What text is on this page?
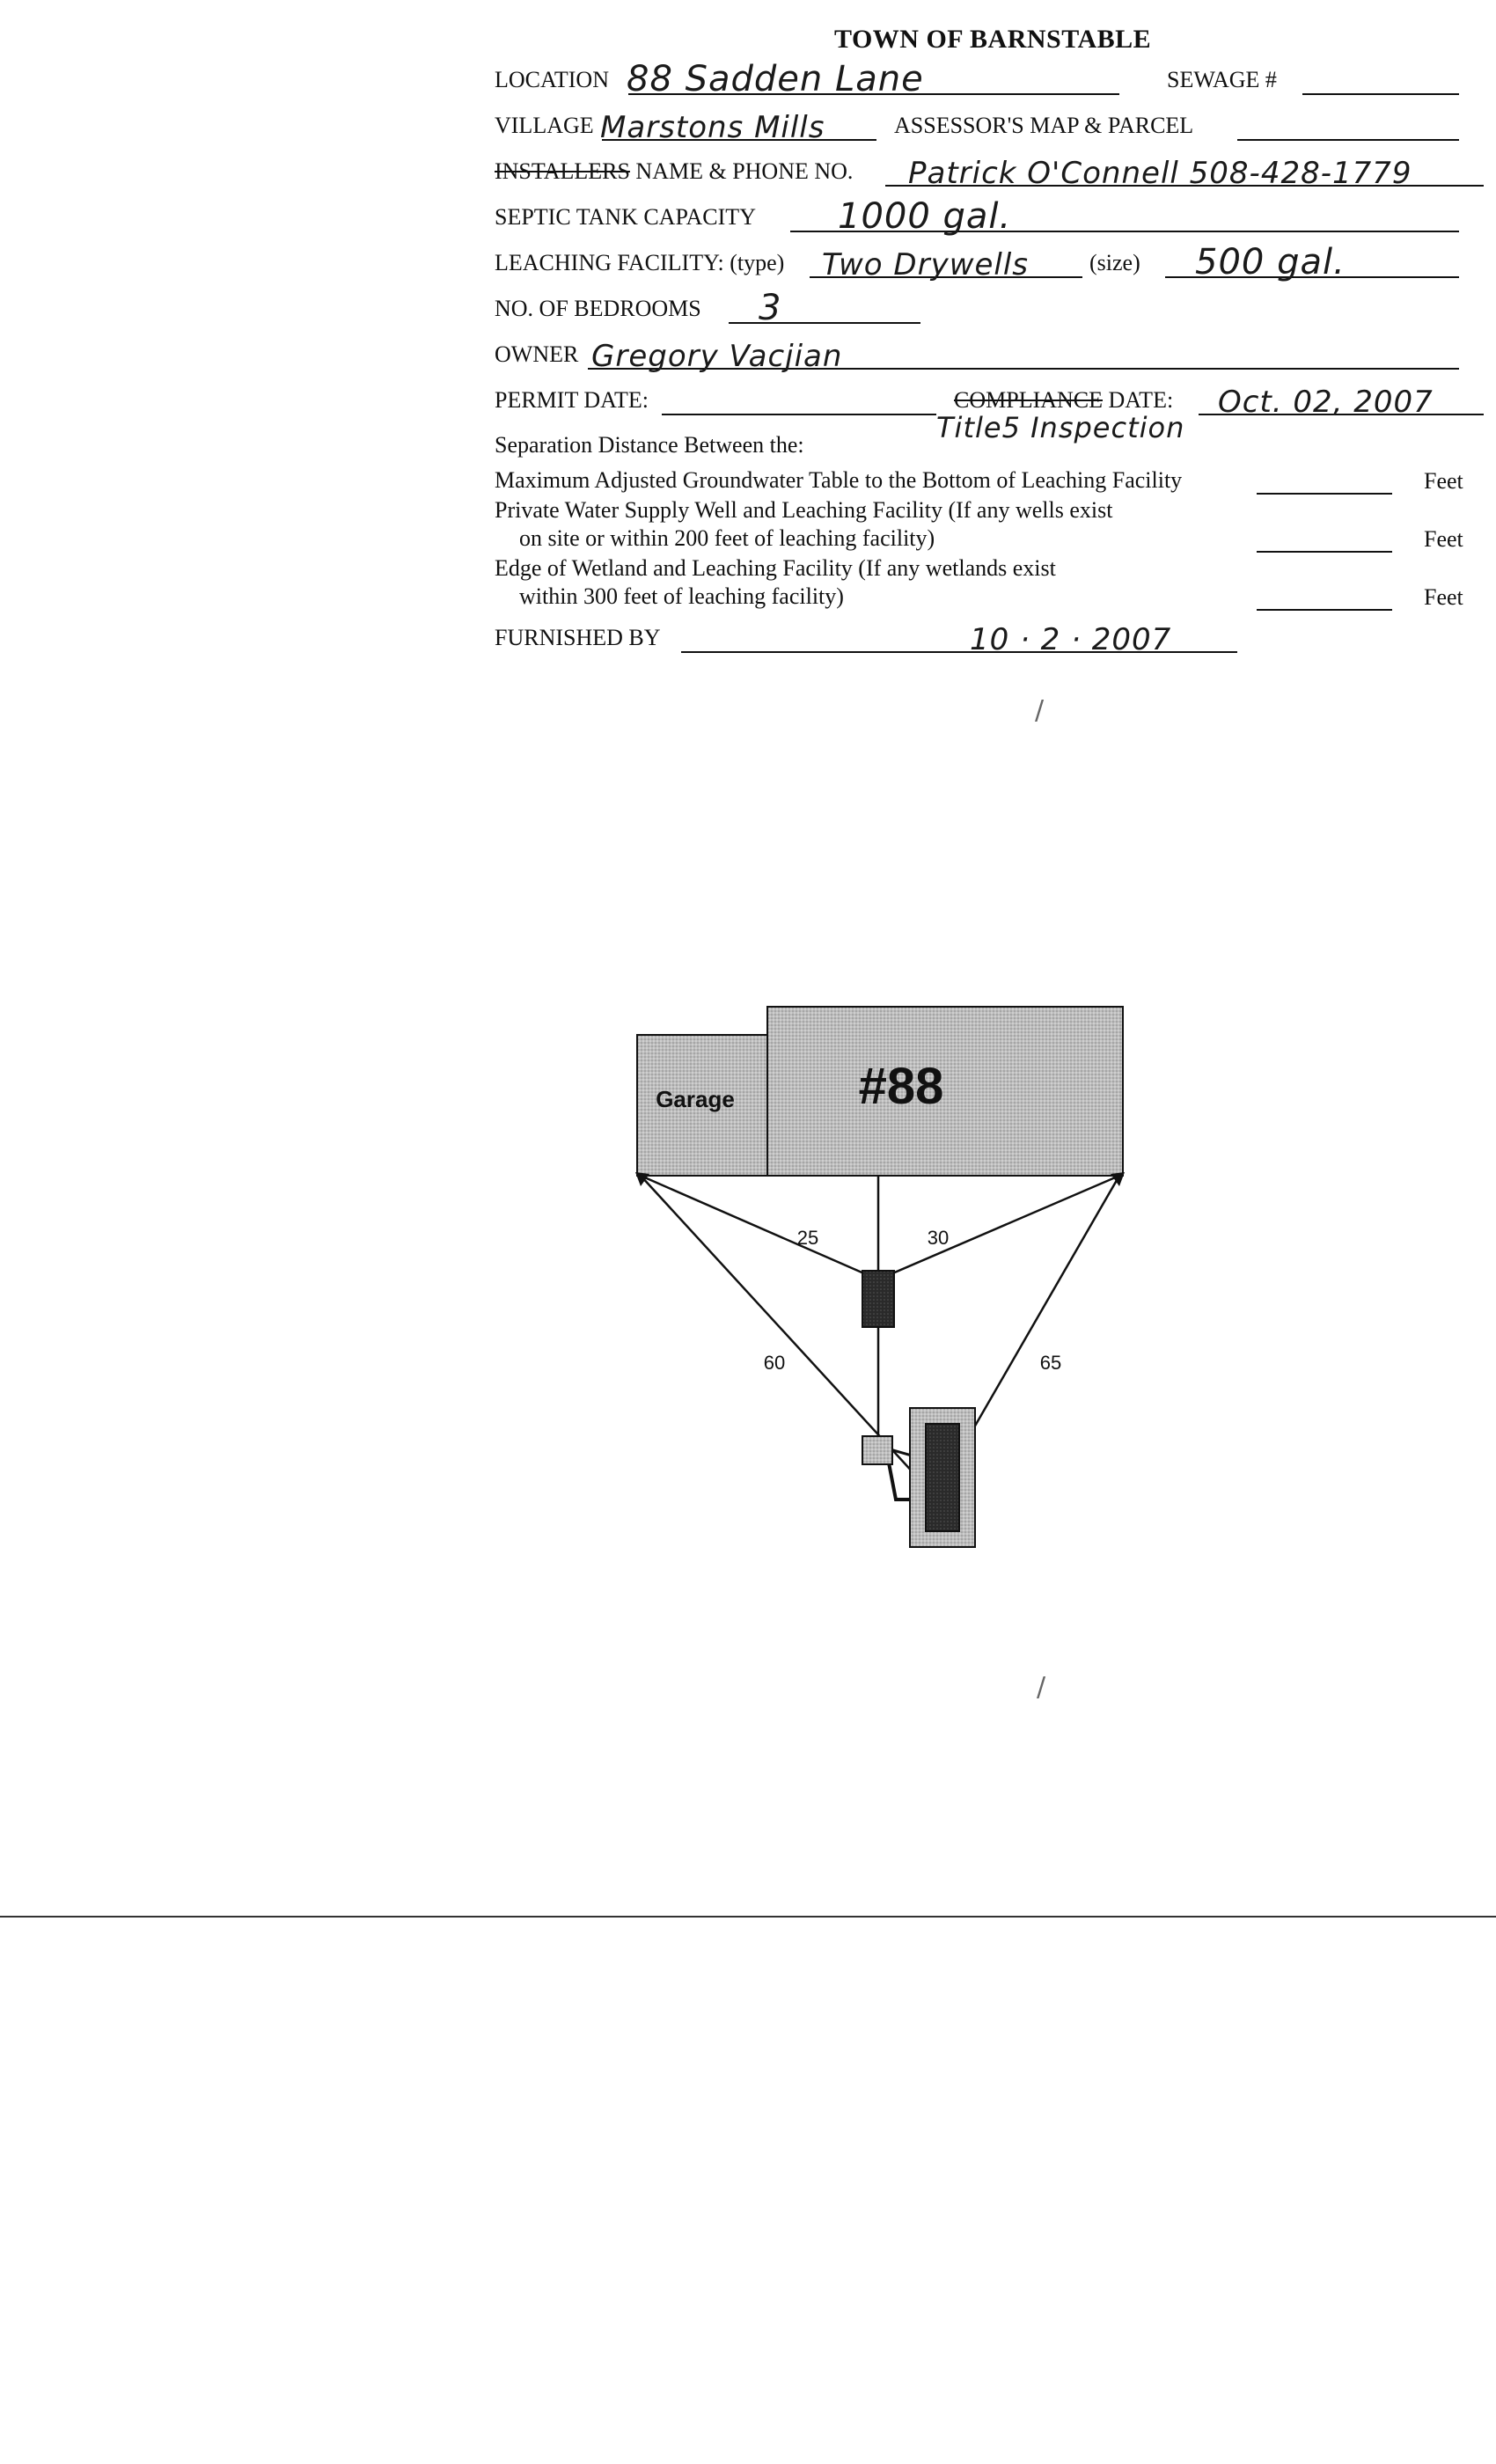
TOWN OF BARNSTABLE
LOCATION 88 Sadden Lane	SEWAGE #
VILLAGE Marstons Mills	ASSESSOR'S MAP & PARCEL
INSTALLERS NAME & PHONE NO. Patrick O'Connell 508-428-1779
SEPTIC TANK CAPACITY 1000 gal.
LEACHING FACILITY: (type) Two Drywells	(size) 500 gal.
NO. OF BEDROOMS 3
OWNER Gregory Vacjian
PERMIT DATE:	COMPLIANCE DATE: Oct. 02, 2007
Separation Distance Between the:
Title5 Inspection
Maximum Adjusted Groundwater Table to the Bottom of Leaching Facility	Feet
Private Water Supply Well and Leaching Facility (If any wells exist
on site or within 200 feet of leaching facility)	Feet
Edge of Wetland and Leaching Facility (If any wetlands exist
within 300 feet of leaching facility)	Feet
FURNISHED BY	10 · 2 · 2007
/
/
Garage #88
25	30
60	65
